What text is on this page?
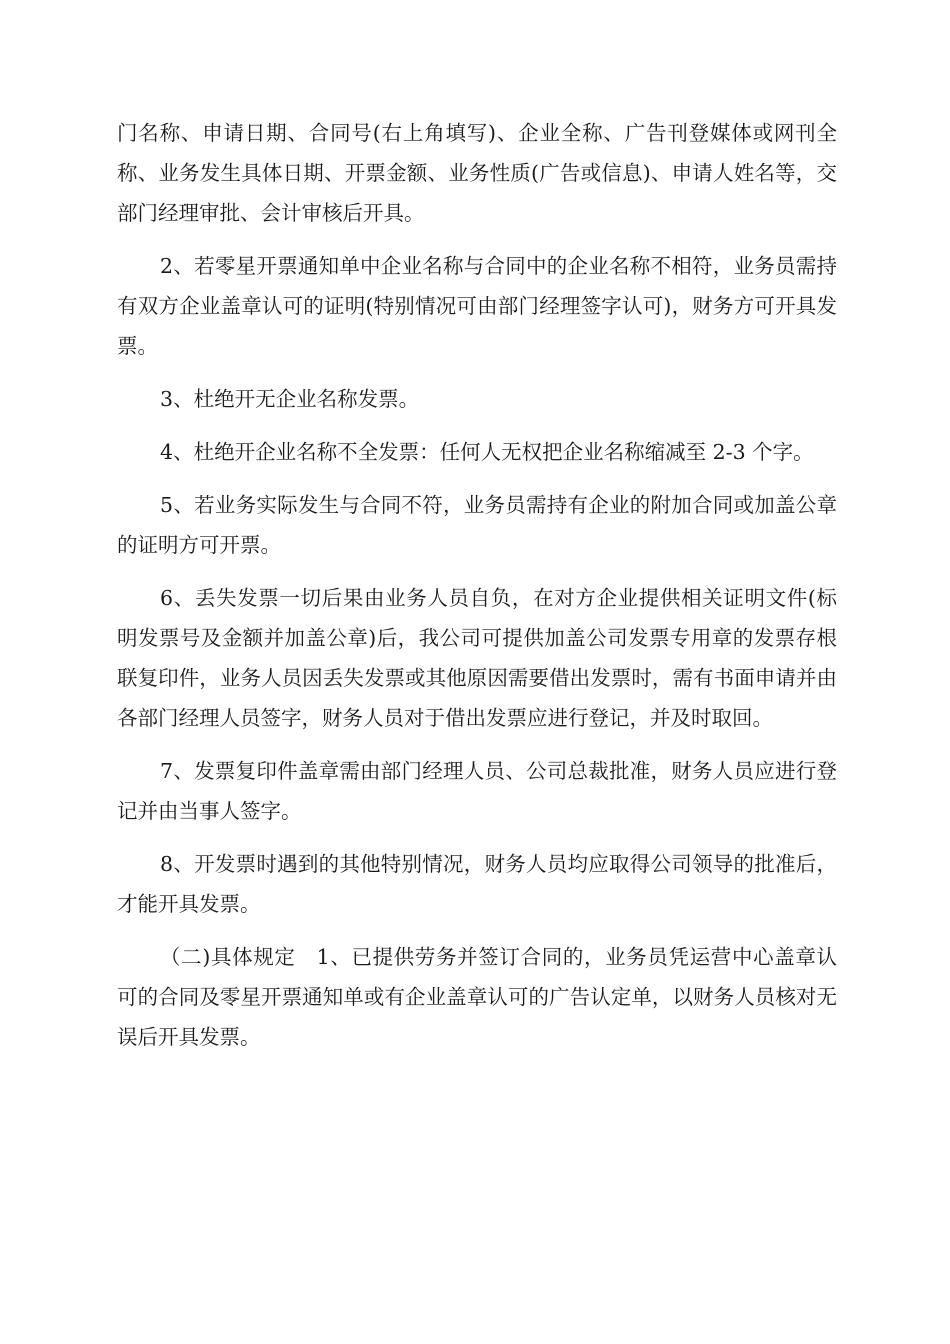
门名称、申请日期、合同号(右上角填写)、企业全称、广告刊登媒体或网刊全称、业务发生具体日期、开票金额、业务性质(广告或信息)、申请人姓名等，交部门经理审批、会计审核后开具。

2、若零星开票通知单中企业名称与合同中的企业名称不相符，业务员需持有双方企业盖章认可的证明(特别情况可由部门经理签字认可)，财务方可开具发票。

3、杜绝开无企业名称发票。

4、杜绝开企业名称不全发票：任何人无权把企业名称缩减至 2-3 个字。

5、若业务实际发生与合同不符，业务员需持有企业的附加合同或加盖公章的证明方可开票。

6、丢失发票一切后果由业务人员自负，在对方企业提供相关证明文件(标明发票号及金额并加盖公章)后，我公司可提供加盖公司发票专用章的发票存根联复印件，业务人员因丢失发票或其他原因需要借出发票时，需有书面申请并由各部门经理人员签字，财务人员对于借出发票应进行登记，并及时取回。

7、发票复印件盖章需由部门经理人员、公司总裁批准，财务人员应进行登记并由当事人签字。

8、开发票时遇到的其他特别情况，财务人员均应取得公司领导的批准后，才能开具发票。

（二)具体规定　1、已提供劳务并签订合同的，业务员凭运营中心盖章认可的合同及零星开票通知单或有企业盖章认可的广告认定单，以财务人员核对无误后开具发票。
